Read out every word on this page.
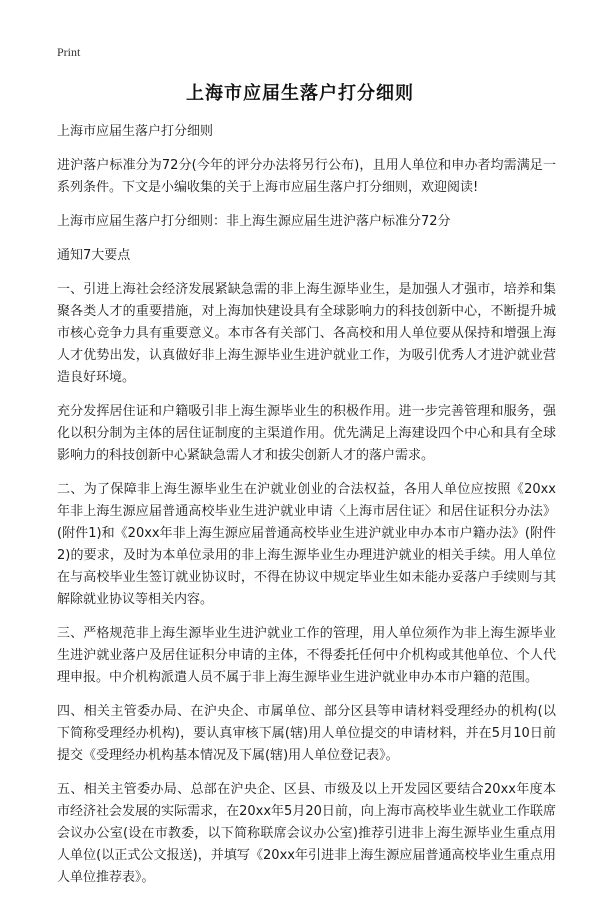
Print
上海市应届生落户打分细则

上海市应届生落户打分细则

进沪落户标准分为72分(今年的评分办法将另行公布)，且用人单位和申办者均需满足一系列条件。下文是小编收集的关于上海市应届生落户打分细则，欢迎阅读!

上海市应届生落户打分细则：非上海生源应届生进沪落户标准分72分

通知7大要点

一、引进上海社会经济发展紧缺急需的非上海生源毕业生，是加强人才强市，培养和集聚各类人才的重要措施，对上海加快建设具有全球影响力的科技创新中心，不断提升城市核心竞争力具有重要意义。本市各有关部门、各高校和用人单位要从保持和增强上海人才优势出发，认真做好非上海生源毕业生进沪就业工作，为吸引优秀人才进沪就业营造良好环境。

充分发挥居住证和户籍吸引非上海生源毕业生的积极作用。进一步完善管理和服务，强化以积分制为主体的居住证制度的主渠道作用。优先满足上海建设四个中心和具有全球影响力的科技创新中心紧缺急需人才和拔尖创新人才的落户需求。

二、为了保障非上海生源毕业生在沪就业创业的合法权益，各用人单位应按照《20xx年非上海生源应届普通高校毕业生进沪就业申请〈上海市居住证〉和居住证积分办法》(附件1)和《20xx年非上海生源应届普通高校毕业生进沪就业申办本市户籍办法》(附件2)的要求，及时为本单位录用的非上海生源毕业生办理进沪就业的相关手续。用人单位在与高校毕业生签订就业协议时，不得在协议中规定毕业生如未能办妥落户手续则与其解除就业协议等相关内容。

三、严格规范非上海生源毕业生进沪就业工作的管理，用人单位须作为非上海生源毕业生进沪就业落户及居住证积分申请的主体，不得委托任何中介机构或其他单位、个人代理申报。中介机构派遣人员不属于非上海生源毕业生进沪就业申办本市户籍的范围。

四、相关主管委办局、在沪央企、市属单位、部分区县等申请材料受理经办的机构(以下简称受理经办机构)，要认真审核下属(辖)用人单位提交的申请材料，并在5月10日前提交《受理经办机构基本情况及下属(辖)用人单位登记表》。

五、相关主管委办局、总部在沪央企、区县、市级及以上开发园区要结合20xx年度本市经济社会发展的实际需求，在20xx年5月20日前，向上海市高校毕业生就业工作联席会议办公室(设在市教委，以下简称联席会议办公室)推荐引进非上海生源毕业生重点用人单位(以正式公文报送)，并填写《20xx年引进非上海生源应届普通高校毕业生重点用人单位推荐表》。
